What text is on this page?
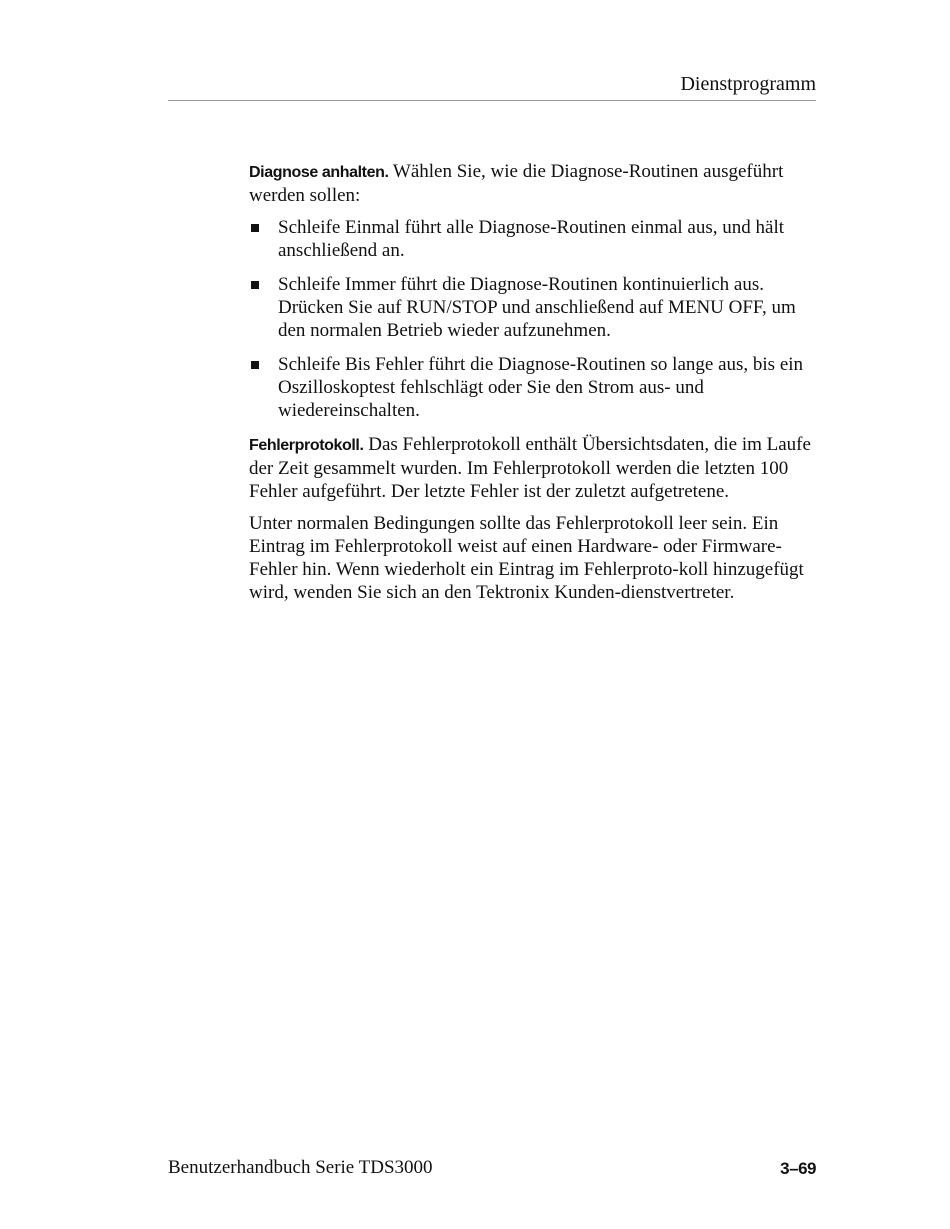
Dienstprogramm

Diagnose anhalten. Wählen Sie, wie die Diagnose-Routinen ausgeführt werden sollen:

Schleife Einmal führt alle Diagnose-Routinen einmal aus, und hält anschließend an.
Schleife Immer führt die Diagnose-Routinen kontinuierlich aus. Drücken Sie auf RUN/STOP und anschließend auf MENU OFF, um den normalen Betrieb wieder aufzunehmen.
Schleife Bis Fehler führt die Diagnose-Routinen so lange aus, bis ein Oszilloskoptest fehlschlägt oder Sie den Strom aus- und wiedereinschalten.

Fehlerprotokoll. Das Fehlerprotokoll enthält Übersichtsdaten, die im Laufe der Zeit gesammelt wurden. Im Fehlerprotokoll werden die letzten 100 Fehler aufgeführt. Der letzte Fehler ist der zuletzt aufgetretene.

Unter normalen Bedingungen sollte das Fehlerprotokoll leer sein. Ein Eintrag im Fehlerprotokoll weist auf einen Hardware- oder Firmware-Fehler hin. Wenn wiederholt ein Eintrag im Fehlerproto-koll hinzugefügt wird, wenden Sie sich an den Tektronix Kunden-dienstvertreter.

Benutzerhandbuch Serie TDS3000	3–69
